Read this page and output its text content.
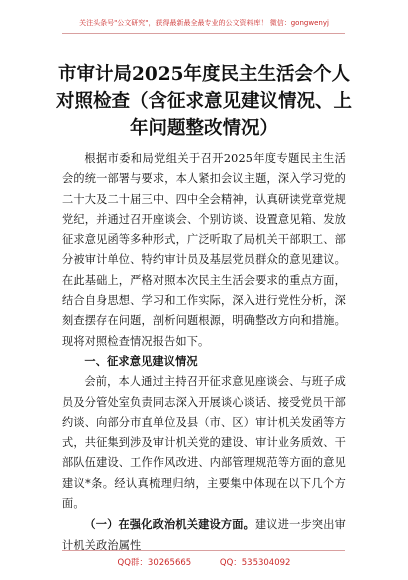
关注头条号"公文研究"，获得最新最全最专业的公文资料库！ 微信：gongwenyj
市审计局2025年度民主生活会个人对照检查（含征求意见建议情况、上年问题整改情况）

根据市委和局党组关于召开2025年度专题民主生活会的统一部署与要求，本人紧扣会议主题，深入学习党的二十大及二十届三中、四中全会精神，认真研读党章党规党纪，并通过召开座谈会、个别访谈、设置意见箱、发放征求意见函等多种形式，广泛听取了局机关干部职工、部分被审计单位、特约审计员及基层党员群众的意见建议。在此基础上，严格对照本次民主生活会要求的重点方面，结合自身思想、学习和工作实际，深入进行党性分析，深刻查摆存在问题，剖析问题根源，明确整改方向和措施。现将对照检查情况报告如下。

一、征求意见建议情况

会前，本人通过主持召开征求意见座谈会、与班子成员及分管处室负责同志深入开展谈心谈话、接受党员干部约谈、向部分市直单位及县（市、区）审计机关发函等方式，共征集到涉及审计机关党的建设、审计业务质效、干部队伍建设、工作作风改进、内部管理规范等方面的意见建议*条。经认真梳理归纳，主要集中体现在以下几个方面。

（一）在强化政治机关建设方面。建议进一步突出审计机关政治属性

QQ群：30265665	QQ：535304092
